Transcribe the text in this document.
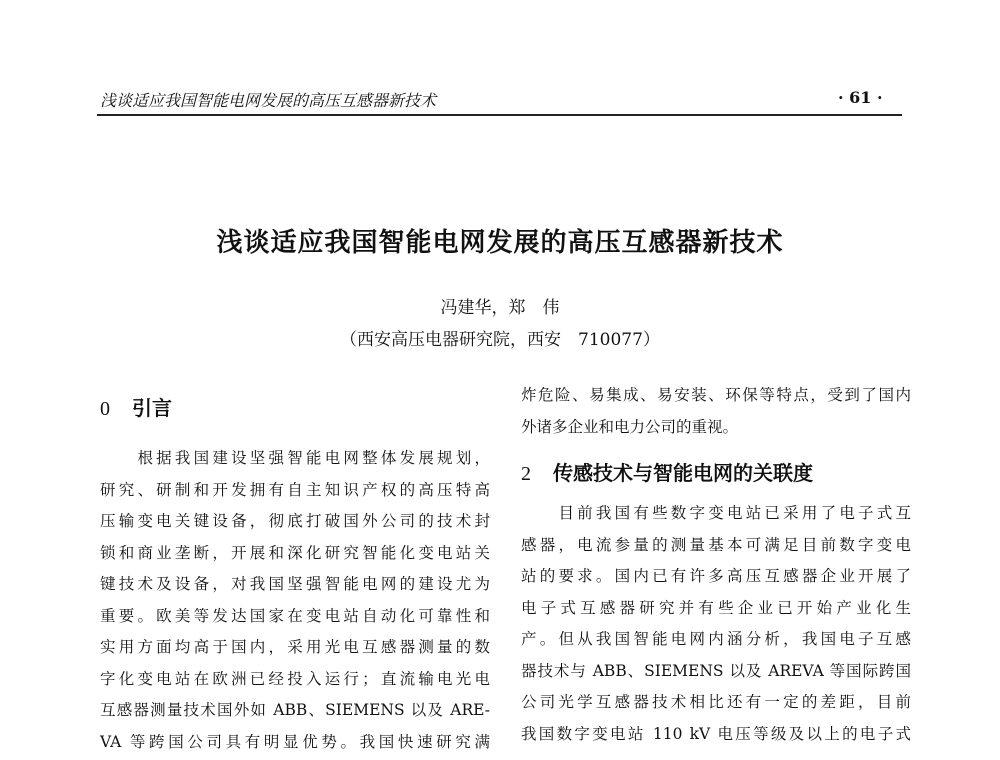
浅谈适应我国智能电网发展的高压互感器新技术	· 61 ·
浅谈适应我国智能电网发展的高压互感器新技术
冯建华，郑　伟
（西安高压电器研究院，西安　710077）
0 引言

　　根据我国建设坚强智能电网整体发展规划，

研究、研制和开发拥有自主知识产权的高压特高

压输变电关键设备，彻底打破国外公司的技术封

锁和商业垄断，开展和深化研究智能化变电站关

键技术及设备，对我国坚强智能电网的建设尤为

重要。欧美等发达国家在变电站自动化可靠性和

实用方面均高于国内，采用光电互感器测量的数

字化变电站在欧洲已经投入运行；直流输电光电

互感器测量技术国外如 ABB、SIEMENS 以及 ARE-

VA 等跨国公司具有明显优势。我国快速研究满

炸危险、易集成、易安装、环保等特点，受到了国内

外诸多企业和电力公司的重视。

2 传感技术与智能电网的关联度

　　目前我国有些数字变电站已采用了电子式互

感器，电流参量的测量基本可满足目前数字变电

站的要求。国内已有许多高压互感器企业开展了

电子式互感器研究并有些企业已开始产业化生

产。但从我国智能电网内涵分析，我国电子互感

器技术与 ABB、SIEMENS 以及 AREVA 等国际跨国

公司光学互感器技术相比还有一定的差距，目前

我国数字变电站 110 kV 电压等级及以上的电子式
